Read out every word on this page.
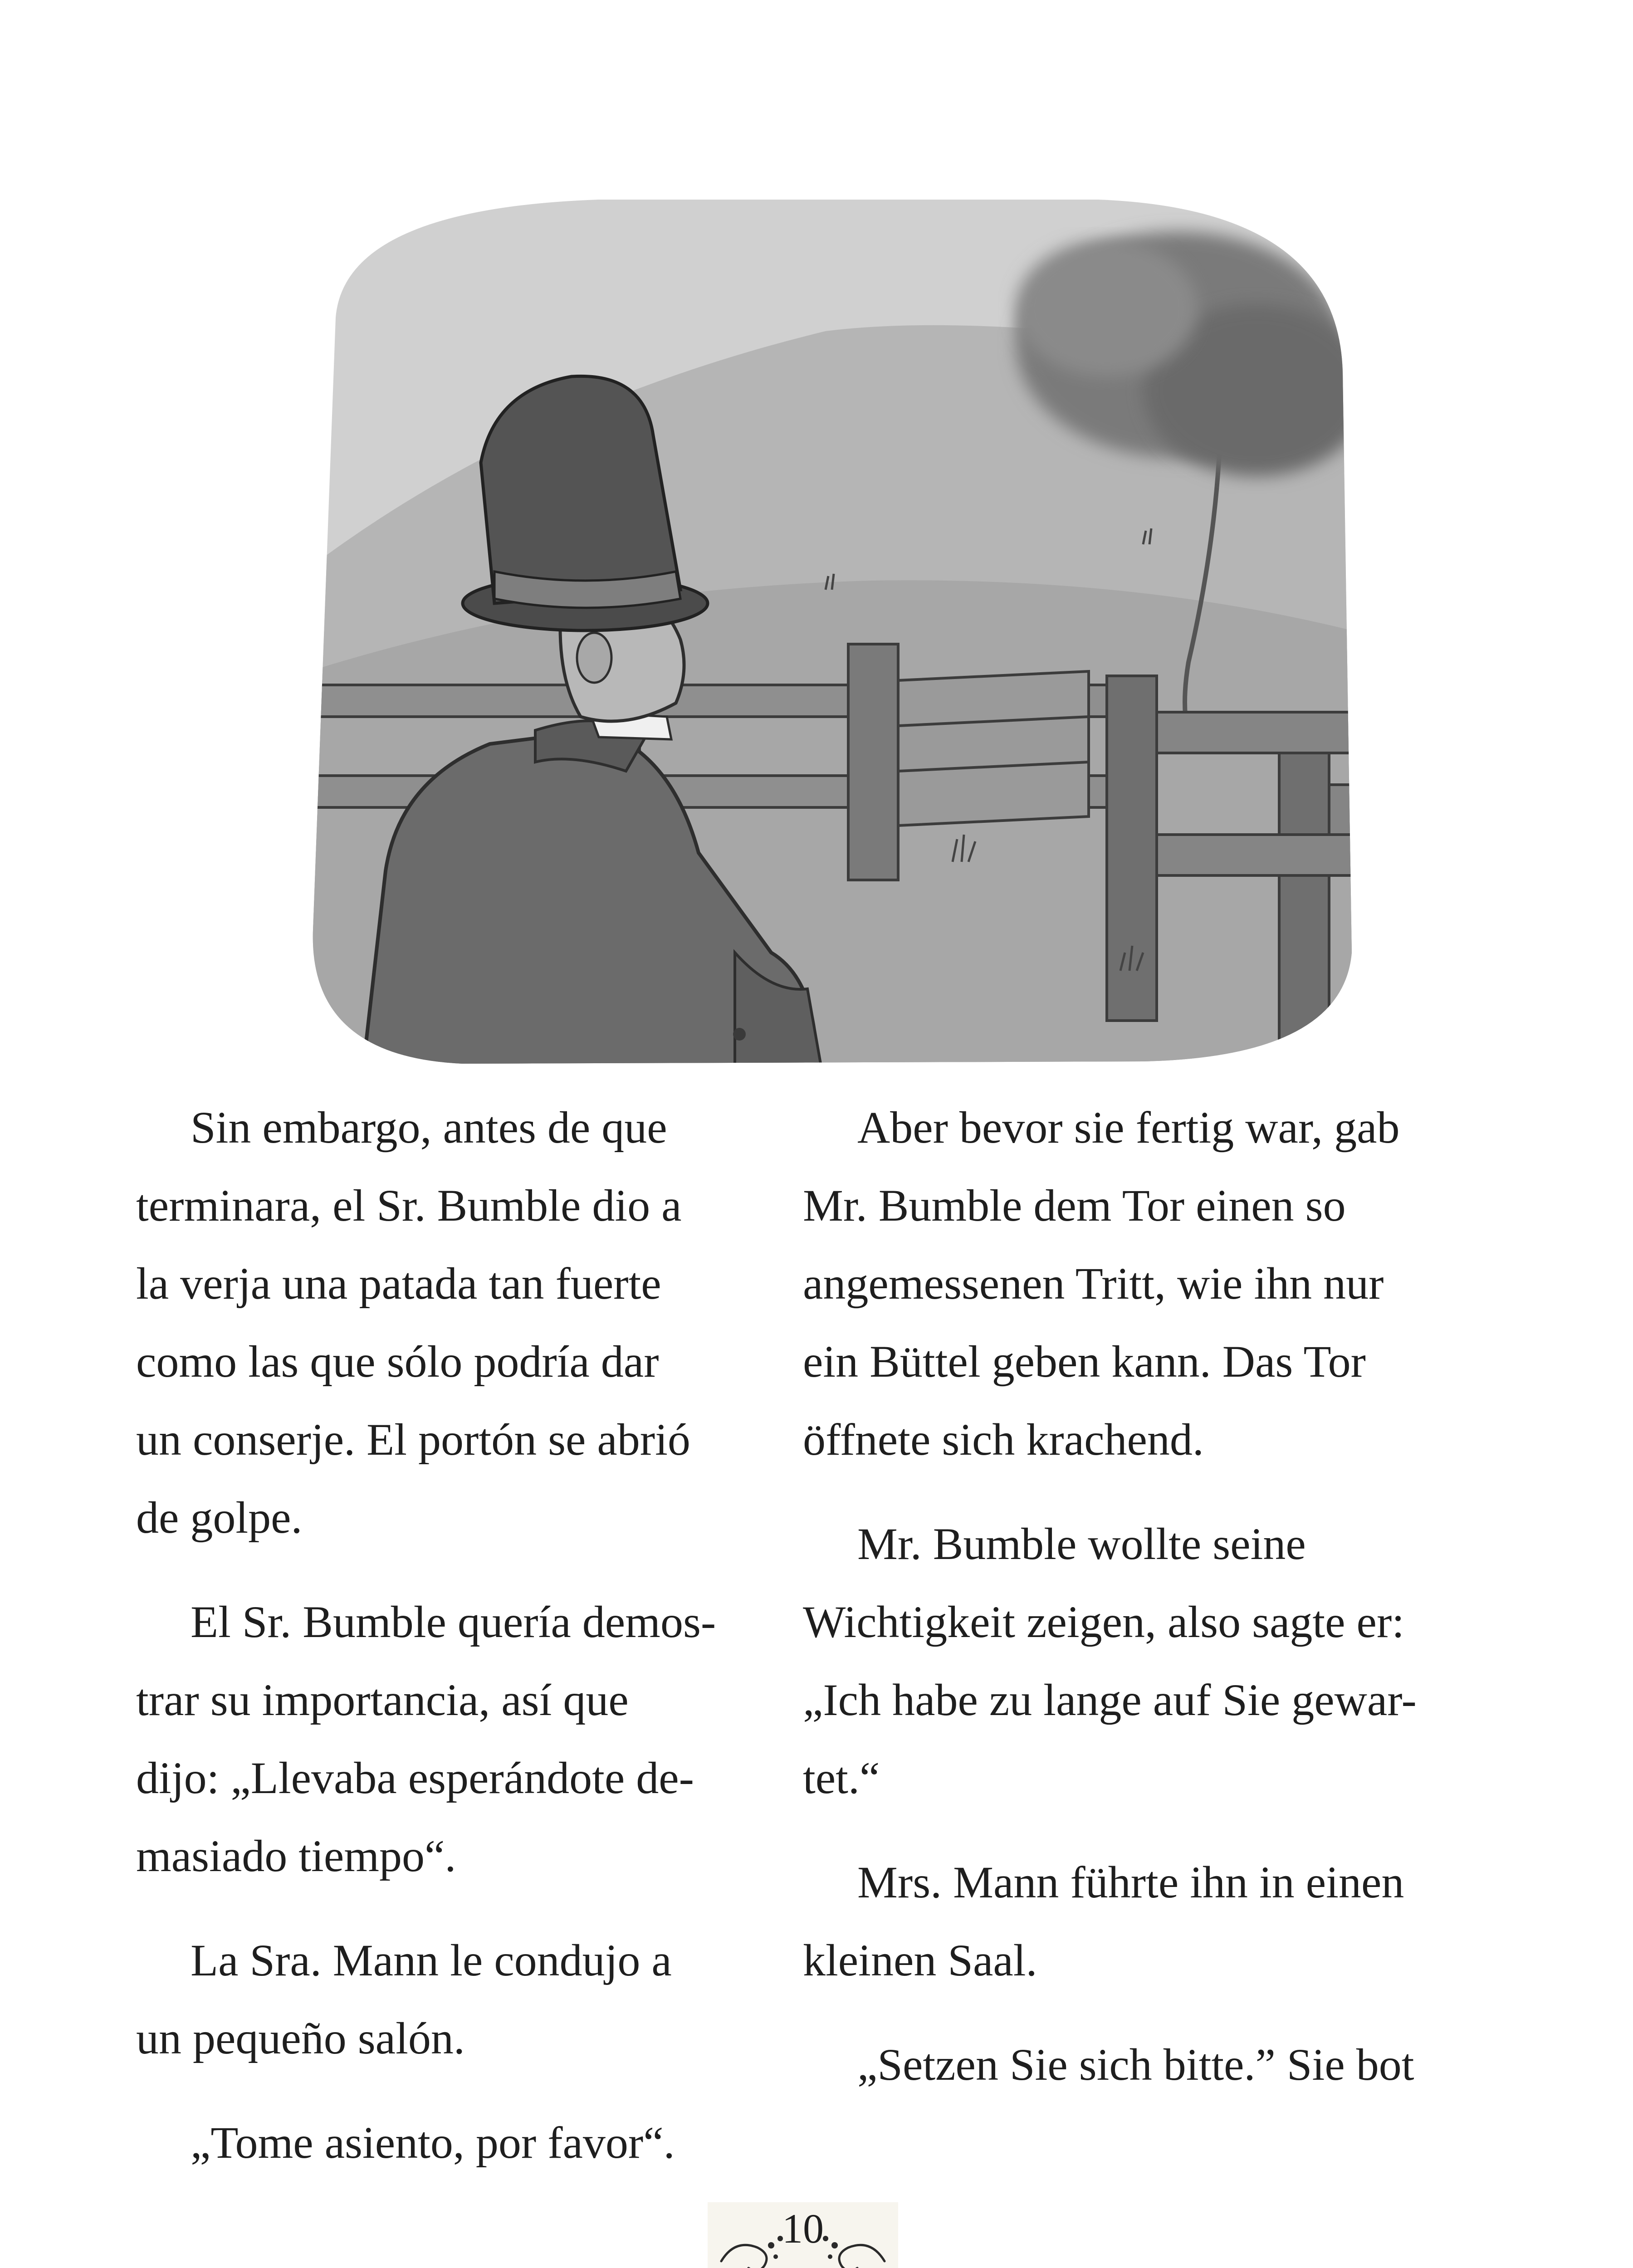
Sin embargo, antes de que
terminara, el Sr. Bumble dio a
la verja una patada tan fuerte
como las que sólo podría dar
un conserje. El portón se abrió
de golpe.

El Sr. Bumble quería demos-
trar su importancia, así que
dijo: „Llevaba esperándote de-
masiado tiempo“.

La Sra. Mann le condujo a
un pequeño salón.

„Tome asiento, por favor“.

Aber bevor sie fertig war, gab
Mr. Bumble dem Tor einen so
angemessenen Tritt, wie ihn nur
ein Büttel geben kann. Das Tor
öffnete sich krachend.

Mr. Bumble wollte seine
Wichtigkeit zeigen, also sagte er:
„Ich habe zu lange auf Sie gewar-
tet.“

Mrs. Mann führte ihn in einen
kleinen Saal.

„Setzen Sie sich bitte.” Sie bot

10
